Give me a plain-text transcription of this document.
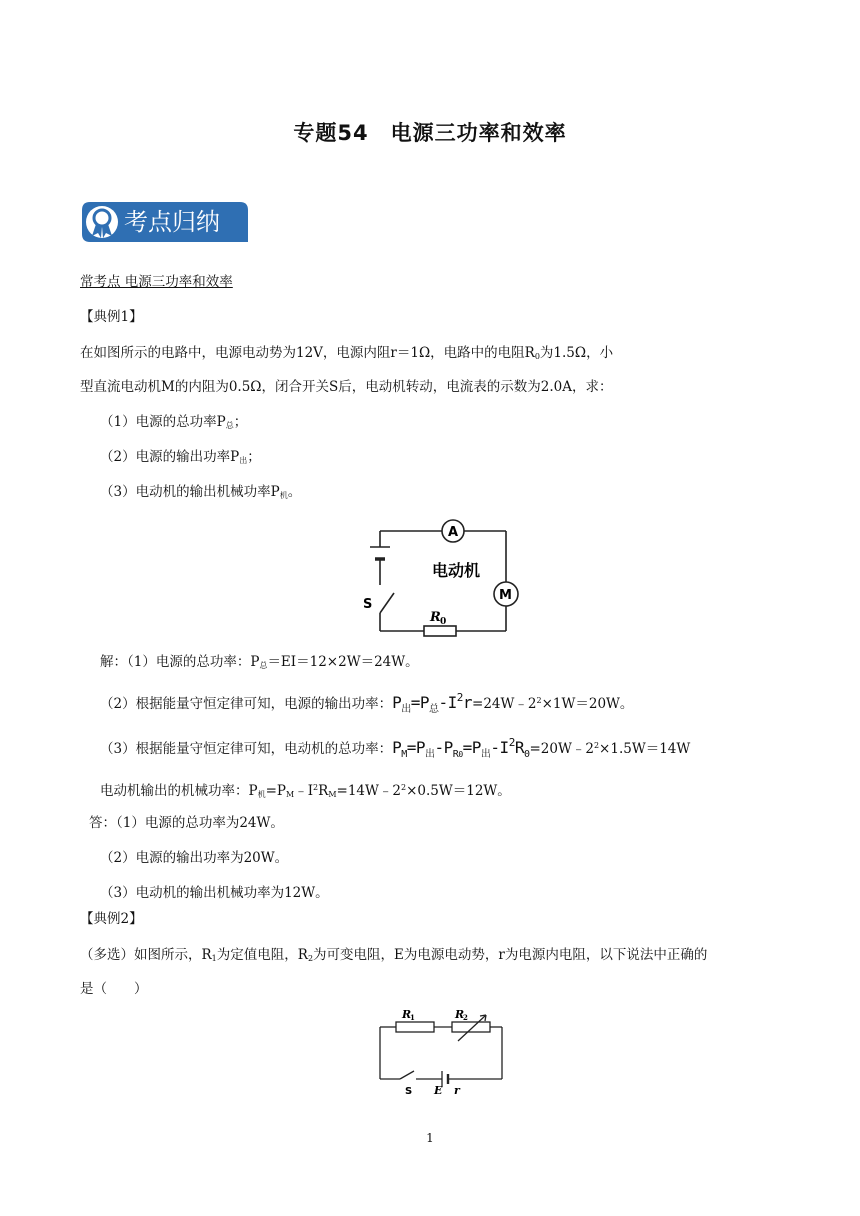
专题54　电源三功率和效率
考点归纳
常考点 电源三功率和效率
【典例1】
在如图所示的电路中，电源电动势为12V，电源内阻r＝1Ω，电路中的电阻R0为1.5Ω，小
型直流电动机M的内阻为0.5Ω，闭合开关S后，电动机转动，电流表的示数为2.0A，求：
（1）电源的总功率P总；
（2）电源的输出功率P出；
（3）电动机的输出机械功率P机。
A
M
电动机
S
R 0
解：（1）电源的总功率：P总＝EI＝12×2W＝24W。
（2）根据能量守恒定律可知，电源的输出功率：$P_出=P_总-I^2r=24W﹣2^2\times 1W=20W$。
（3）根据能量守恒定律可知，电动机的总功率：$P_M=P_出-P_{R0}=P_出-I^2R_0=20W﹣2^2\times 1.5W=14W$
电动机输出的机械功率：P机$=PM﹣I^2RM=14W﹣2^2\times 0.5W=12W$。
答：（1）电源的总功率为24W。
（2）电源的输出功率为20W。
（3）电动机的输出机械功率为12W。
【典例2】
（多选）如图所示，R1为定值电阻，R2为可变电阻，E为电源电动势，r为电源内电阻，以下说法中正确的
是（　　）
R
1	R
2
S E r
1
